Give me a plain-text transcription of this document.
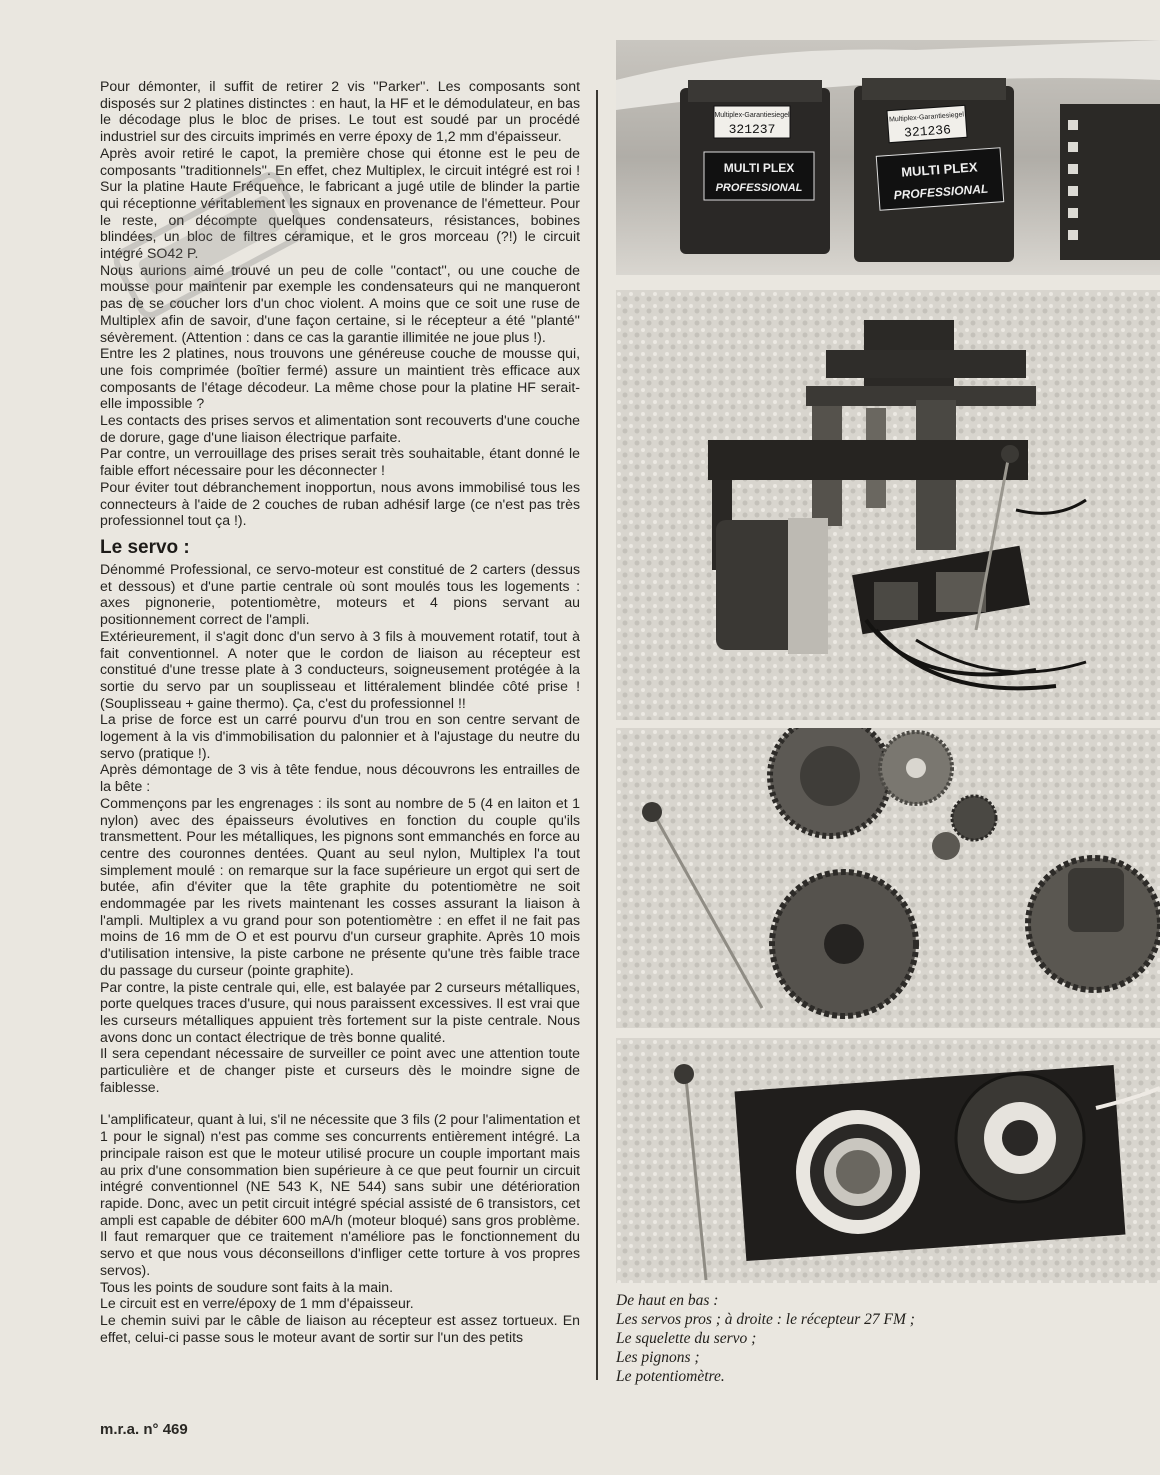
Pour démonter, il suffit de retirer 2 vis ''Parker''. Les composants sont disposés sur 2 platines distinctes : en haut, la HF et le démodulateur, en bas le décodage plus le bloc de prises. Le tout est soudé par un procédé industriel sur des circuits imprimés en verre époxy de 1,2 mm d'épaisseur.

Après avoir retiré le capot, la première chose qui étonne est le peu de composants ''traditionnels''. En effet, chez Multiplex, le circuit intégré est roi ! Sur la platine Haute Fréquence, le fabricant a jugé utile de blinder la partie qui réceptionne véritablement les signaux en provenance de l'émetteur. Pour le reste, on décompte quelques condensateurs, résistances, bobines blindées, un bloc de filtres céramique, et le gros morceau (?!) le circuit intégré SO42 P.

Nous aurions aimé trouvé un peu de colle ''contact'', ou une couche de mousse pour maintenir par exemple les condensateurs qui ne manqueront pas de se coucher lors d'un choc violent. A moins que ce soit une ruse de Multiplex afin de savoir, d'une façon certaine, si le récepteur a été ''planté'' sévèrement. (Attention : dans ce cas la garantie illimitée ne joue plus !).

Entre les 2 platines, nous trouvons une généreuse couche de mousse qui, une fois comprimée (boîtier fermé) assure un maintient très efficace aux composants de l'étage décodeur. La même chose pour la platine HF serait-elle impossible ?

Les contacts des prises servos et alimentation sont recouverts d'une couche de dorure, gage d'une liaison électrique parfaite.

Par contre, un verrouillage des prises serait très souhaitable, étant donné le faible effort nécessaire pour les déconnecter !

Pour éviter tout débranchement inopportun, nous avons immobilisé tous les connecteurs à l'aide de 2 couches de ruban adhésif large (ce n'est pas très professionnel tout ça !).

Le servo :

Dénommé Professional, ce servo-moteur est constitué de 2 carters (dessus et dessous) et d'une partie centrale où sont moulés tous les logements : axes pignonerie, potentiomètre, moteurs et 4 pions servant au positionnement correct de l'ampli.

Extérieurement, il s'agit donc d'un servo à 3 fils à mouvement rotatif, tout à fait conventionnel. A noter que le cordon de liaison au récepteur est constitué d'une tresse plate à 3 conducteurs, soigneusement protégée à la sortie du servo par un souplisseau et littéralement blindée côté prise ! (Souplisseau + gaine thermo). Ça, c'est du professionnel !!

La prise de force est un carré pourvu d'un trou en son centre servant de logement à la vis d'immobilisation du palonnier et à l'ajustage du neutre du servo (pratique !).

Après démontage de 3 vis à tête fendue, nous découvrons les entrailles de la bête :

Commençons par les engrenages : ils sont au nombre de 5 (4 en laiton et 1 nylon) avec des épaisseurs évolutives en fonction du couple qu'ils transmettent. Pour les métalliques, les pignons sont emmanchés en force au centre des couronnes dentées. Quant au seul nylon, Multiplex l'a tout simplement moulé : on remarque sur la face supérieure un ergot qui sert de butée, afin d'éviter que la tête graphite du potentiomètre ne soit endommagée par les rivets maintenant les cosses assurant la liaison à l'ampli. Multiplex a vu grand pour son potentiomètre : en effet il ne fait pas moins de 16 mm de O et est pourvu d'un curseur graphite. Après 10 mois d'utilisation intensive, la piste carbone ne présente qu'une très faible trace du passage du curseur (pointe graphite).

Par contre, la piste centrale qui, elle, est balayée par 2 curseurs métalliques, porte quelques traces d'usure, qui nous paraissent excessives. Il est vrai que les curseurs métalliques appuient très fortement sur la piste centrale. Nous avons donc un contact électrique de très bonne qualité.

Il sera cependant nécessaire de surveiller ce point avec une attention toute particulière et de changer piste et curseurs dès le moindre signe de faiblesse.

L'amplificateur, quant à lui, s'il ne nécessite que 3 fils (2 pour l'alimentation et 1 pour le signal) n'est pas comme ses concurrents entièrement intégré. La principale raison est que le moteur utilisé procure un couple important mais au prix d'une consommation bien supérieure à ce que peut fournir un circuit intégré conventionnel (NE 543 K, NE 544) sans subir une détérioration rapide. Donc, avec un petit circuit intégré spécial assisté de 6 transistors, cet ampli est capable de débiter 600 mA/h (moteur bloqué) sans gros problème. Il faut remarquer que ce traitement n'améliore pas le fonctionnement du servo et que nous vous déconseillons d'infliger cette torture à vos propres servos).

Tous les points de soudure sont faits à la main.

Le circuit est en verre/époxy de 1 mm d'épaisseur.

Le chemin suivi par le câble de liaison au récepteur est assez tortueux. En effet, celui-ci passe sous le moteur avant de sortir sur l'un des petits

Multiplex-Garantiesiegel
321237
MULTI PLEX
PROFESSIONAL
Multiplex-Garantiesiegel
321236
MULTI PLEX
PROFESSIONAL
De haut en bas :
Les servos pros ; à droite : le récepteur 27 FM ;
Le squelette du servo ;
Les pignons ;
Le potentiomètre.
m.r.a. n° 469
